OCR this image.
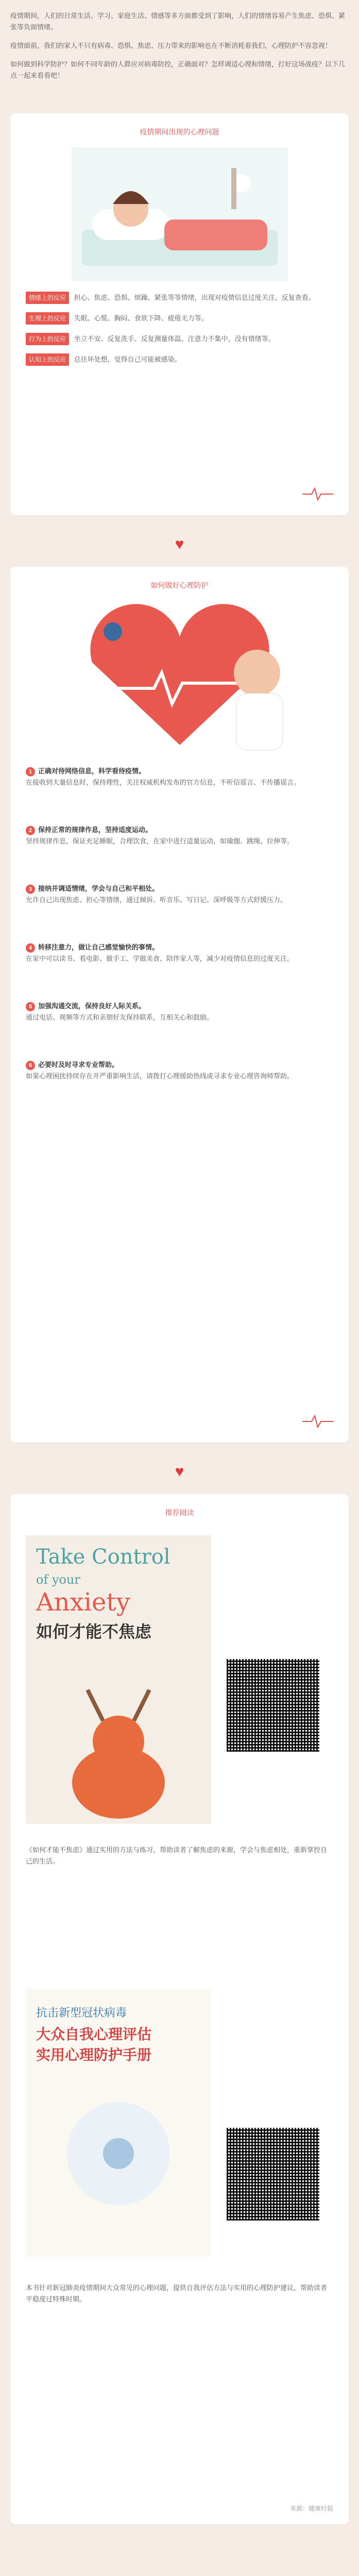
疫情期间，人们的日常生活、学习、家庭生活、情感等多方面都受到了影响，人们的情绪容易产生焦虑、恐惧、紧张等负面情绪。

疫情面前，我们的家人不只有病毒、恐惧、焦虑、压力带来的影响也在不断消耗着我们，心理防护不容忽视！

如何做到科学防护？如何不同年龄的人群应对病毒防控，正确面对？怎样调适心理和情绪，打好这场战疫？以下几点一起来看看吧！

疫情期间出现的心理问题
情绪上的反应 担心、焦虑、恐惧、烦躁、紧张等等情绪，出现对疫情信息过度关注、反复查看。
生理上的反应 失眠、心慌、胸闷、食欲下降、疲倦无力等。
行为上的反应 坐立不安、反复洗手、反复测量体温、注意力不集中，没有情绪等。
认知上的反应 总往坏处想，觉得自己可能被感染。
♥
如何做好心理防护
1 正确对待网络信息，科学看待疫情。
在接收到大量信息时，保持理性，关注权威机构发布的官方信息，不听信谣言、不传播谣言。
2 保持正常的规律作息，坚持适度运动。
坚持规律作息，保证充足睡眠，合理饮食，在家中进行适量运动，如瑜伽、跳绳、拉伸等。
3 接纳并调适情绪，学会与自己和平相处。
允许自己出现焦虑、担心等情绪，通过倾诉、听音乐、写日记、深呼吸等方式舒缓压力。
4 转移注意力，做让自己感觉愉快的事情。
在家中可以读书、看电影、做手工、学做美食、陪伴家人等，减少对疫情信息的过度关注。
5 加强沟通交流，保持良好人际关系。
通过电话、视频等方式和亲朋好友保持联系，互相关心和鼓励。
6 必要时及时寻求专业帮助。
如果心理困扰持续存在并严重影响生活，请拨打心理援助热线或寻求专业心理咨询师帮助。
♥
推荐阅读
Take Control
of your
Anxiety
如何才能不焦虑

《如何才能不焦虑》通过实用的方法与练习，帮助读者了解焦虑的来源，学会与焦虑相处，重新掌控自己的生活。

抗击新型冠状病毒
大众自我心理评估
实用心理防护手册

本书针对新冠肺炎疫情期间大众常见的心理问题，提供自我评估方法与实用的心理防护建议，帮助读者平稳度过特殊时期。

来源：健康时报
